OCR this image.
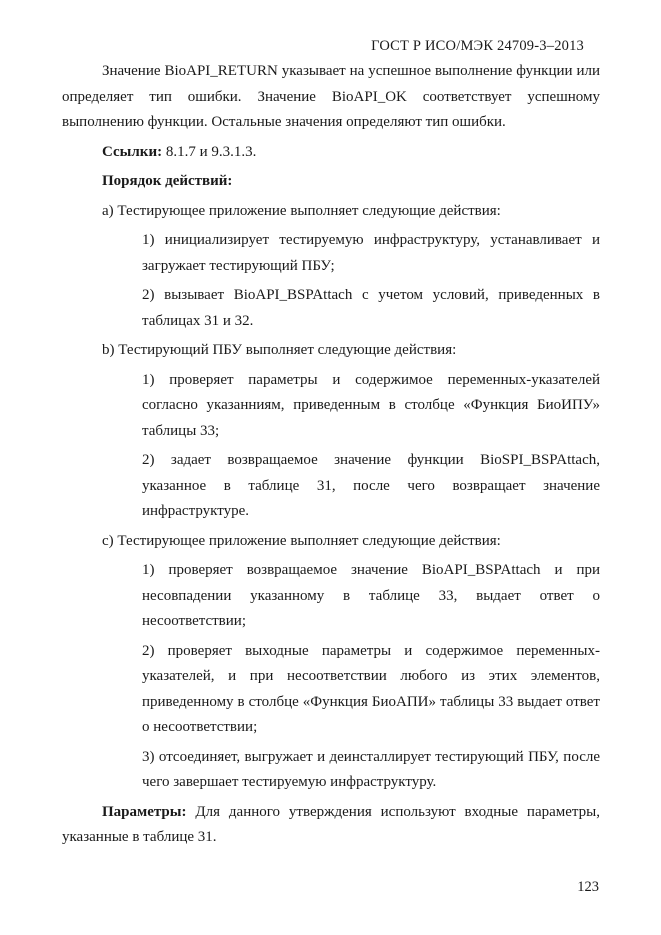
ГОСТ Р ИСО/МЭК 24709-3–2013

Значение BioAPI_RETURN указывает на успешное выполнение функции или определяет тип ошибки. Значение BioAPI_OK соответствует успешному выполнению функции. Остальные значения определяют тип ошибки.

Ссылки: 8.1.7 и 9.3.1.3.

Порядок действий:

a) Тестирующее приложение выполняет следующие действия:

1) инициализирует тестируемую инфраструктуру, устанавливает и загружает тестирующий ПБУ;

2) вызывает BioAPI_BSPAttach с учетом условий, приведенных в таблицах 31 и 32.

b) Тестирующий ПБУ выполняет следующие действия:

1) проверяет параметры и содержимое переменных-указателей согласно указанниям, приведенным в столбце «Функция БиоИПУ» таблицы 33;

2) задает возвращаемое значение функции BioSPI_BSPAttach, указанное в таблице 31, после чего возвращает значение инфраструктуре.

c) Тестирующее приложение выполняет следующие действия:

1) проверяет возвращаемое значение BioAPI_BSPAttach и при несовпадении указанному в таблице 33, выдает ответ о несоответствии;

2) проверяет выходные параметры и содержимое переменных-указателей, и при несоответствии любого из этих элементов, приведенному в столбце «Функция БиоАПИ» таблицы 33 выдает ответ о несоответствии;

3) отсоединяет, выгружает и деинсталлирует тестирующий ПБУ, после чего завершает тестируемую инфраструктуру.

Параметры: Для данного утверждения используют входные параметры, указанные в таблице 31.

123
